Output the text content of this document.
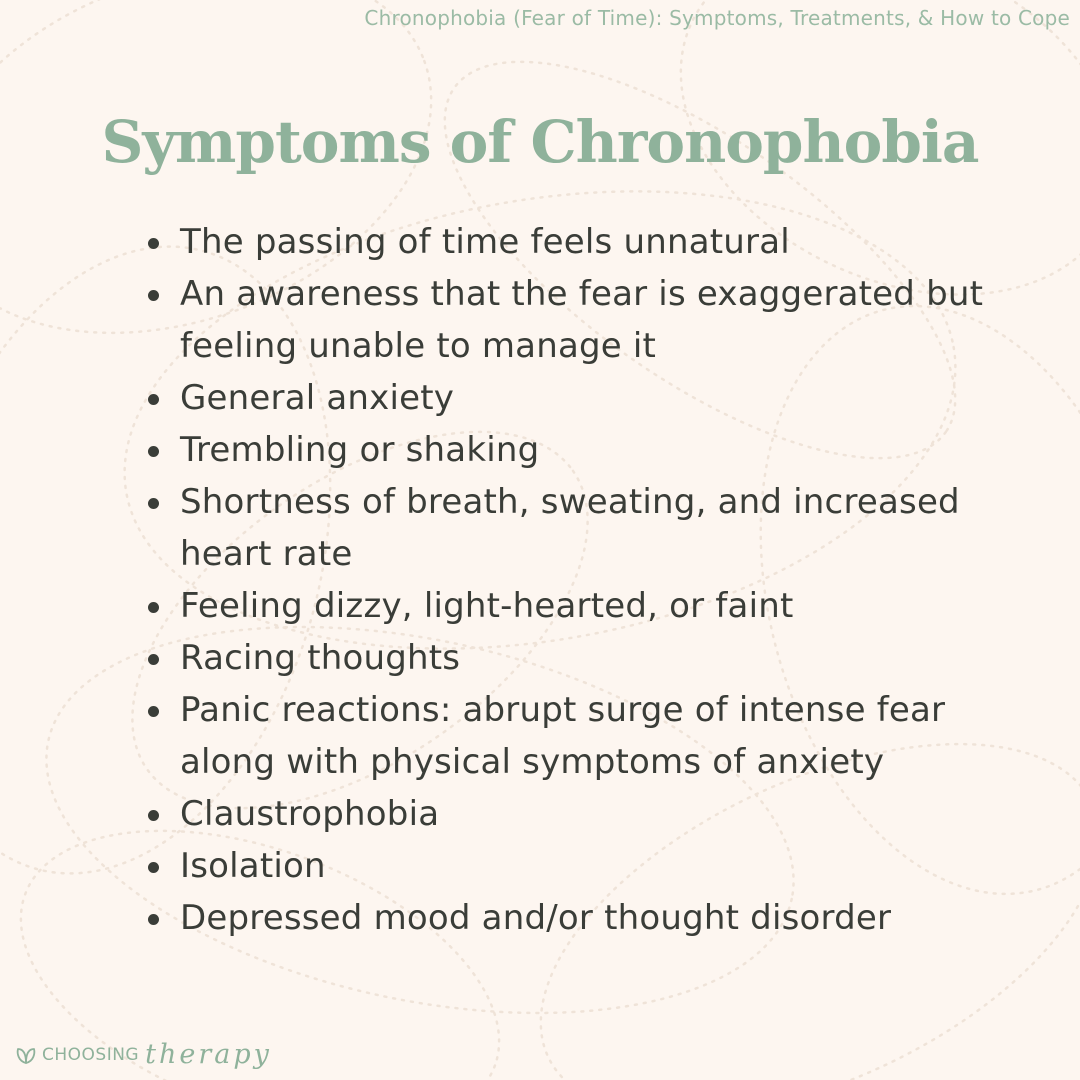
Chronophobia (Fear of Time): Symptoms, Treatments, & How to Cope
Symptoms of Chronophobia
The passing of time feels unnatural
An awareness that the fear is exaggerated but feeling unable to manage it
General anxiety
Trembling or shaking
Shortness of breath, sweating, and increased heart rate
Feeling dizzy, light-hearted, or faint
Racing thoughts
Panic reactions: abrupt surge of intense fear along with physical symptoms of anxiety
Claustrophobia
Isolation
Depressed mood and/or thought disorder
CHOOSING therapy
